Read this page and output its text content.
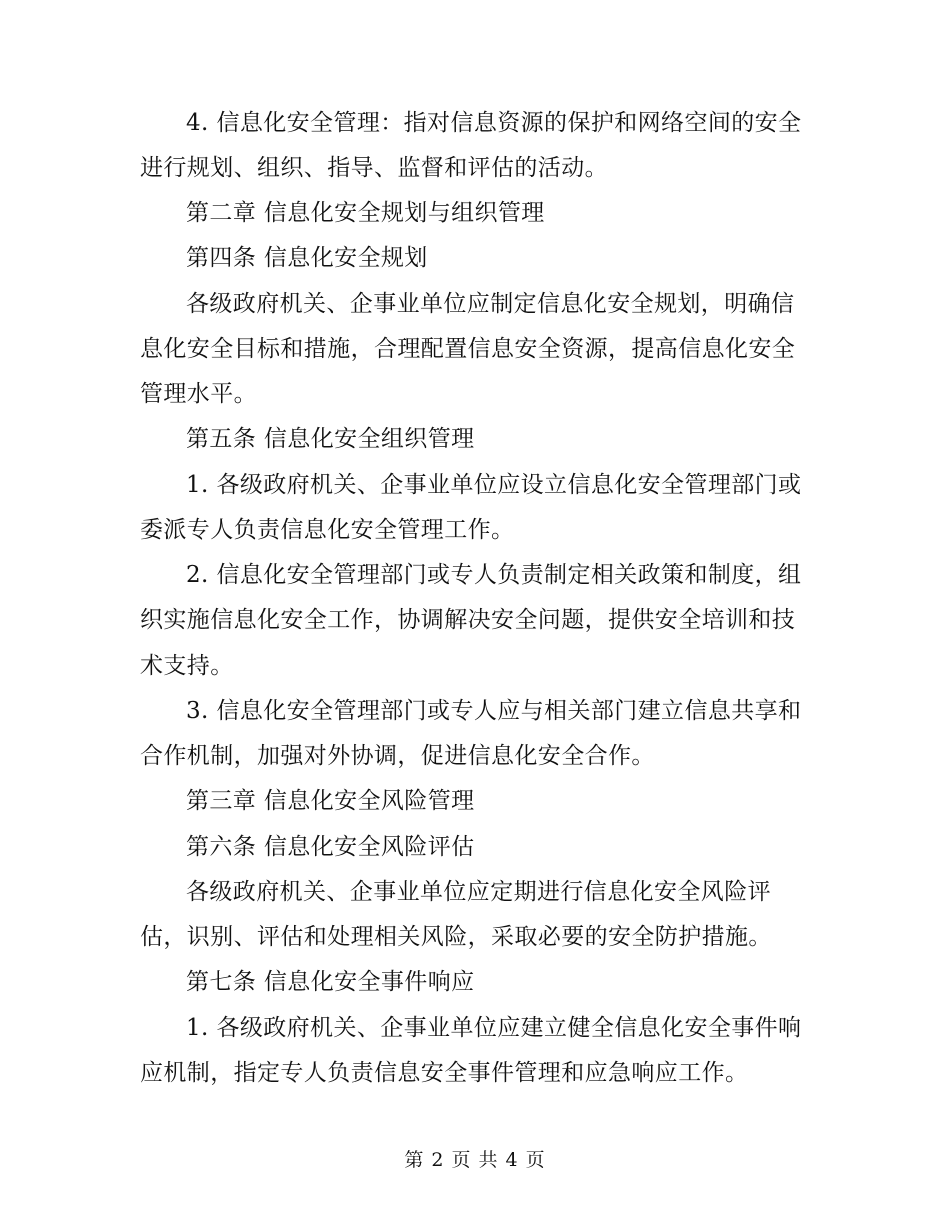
4. 信息化安全管理：指对信息资源的保护和网络空间的安全
进行规划、组织、指导、监督和评估的活动。
第二章 信息化安全规划与组织管理
第四条 信息化安全规划
各级政府机关、企事业单位应制定信息化安全规划，明确信
息化安全目标和措施，合理配置信息安全资源，提高信息化安全
管理水平。
第五条 信息化安全组织管理
1. 各级政府机关、企事业单位应设立信息化安全管理部门或
委派专人负责信息化安全管理工作。
2. 信息化安全管理部门或专人负责制定相关政策和制度，组
织实施信息化安全工作，协调解决安全问题，提供安全培训和技
术支持。
3. 信息化安全管理部门或专人应与相关部门建立信息共享和
合作机制，加强对外协调，促进信息化安全合作。
第三章 信息化安全风险管理
第六条 信息化安全风险评估
各级政府机关、企事业单位应定期进行信息化安全风险评
估，识别、评估和处理相关风险，采取必要的安全防护措施。
第七条 信息化安全事件响应
1. 各级政府机关、企事业单位应建立健全信息化安全事件响
应机制，指定专人负责信息安全事件管理和应急响应工作。
第 2 页 共 4 页
